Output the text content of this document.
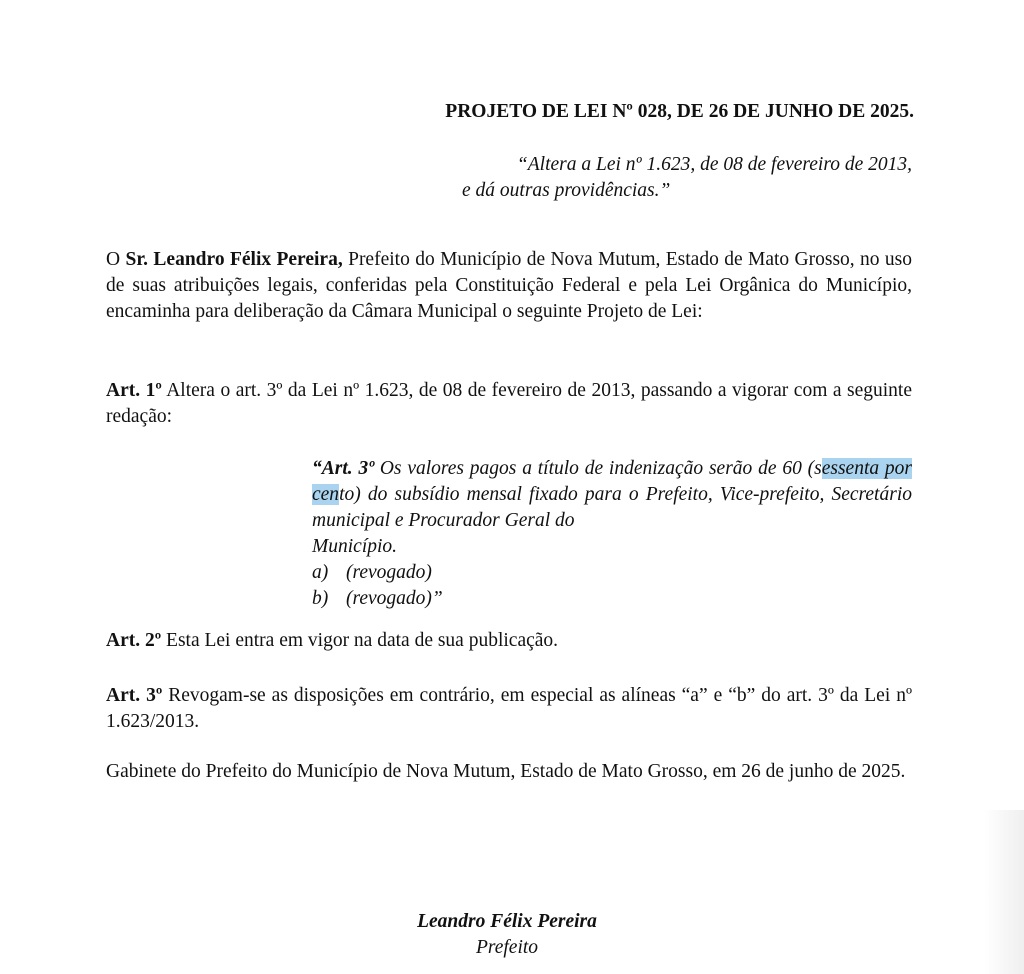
PROJETO DE LEI Nº 028, DE 26 DE JUNHO DE 2025.
“Altera a Lei nº 1.623, de 08 de fevereiro de 2013,
e dá outras providências.”

O Sr. Leandro Félix Pereira, Prefeito do Município de Nova Mutum, Estado de Mato Grosso, no uso de suas atribuições legais, conferidas pela Constituição Federal e pela Lei Orgânica do Município, encaminha para deliberação da Câmara Municipal o seguinte Projeto de Lei:

Art. 1º Altera o art. 3º da Lei nº 1.623, de 08 de fevereiro de 2013, passando a vigorar com a seguinte redação:

“Art. 3º Os valores pagos a título de indenização serão de 60 (sessenta por cento) do subsídio mensal fixado para o Prefeito, Vice-prefeito, Secretário municipal e Procurador Geral do
Município.
a) (revogado)
b) (revogado)”

Art. 2º Esta Lei entra em vigor na data de sua publicação.

Art. 3º Revogam-se as disposições em contrário, em especial as alíneas “a” e “b” do art. 3º da Lei nº 1.623/2013.

Gabinete do Prefeito do Município de Nova Mutum, Estado de Mato Grosso, em 26 de junho de 2025.

Leandro Félix Pereira
Prefeito
